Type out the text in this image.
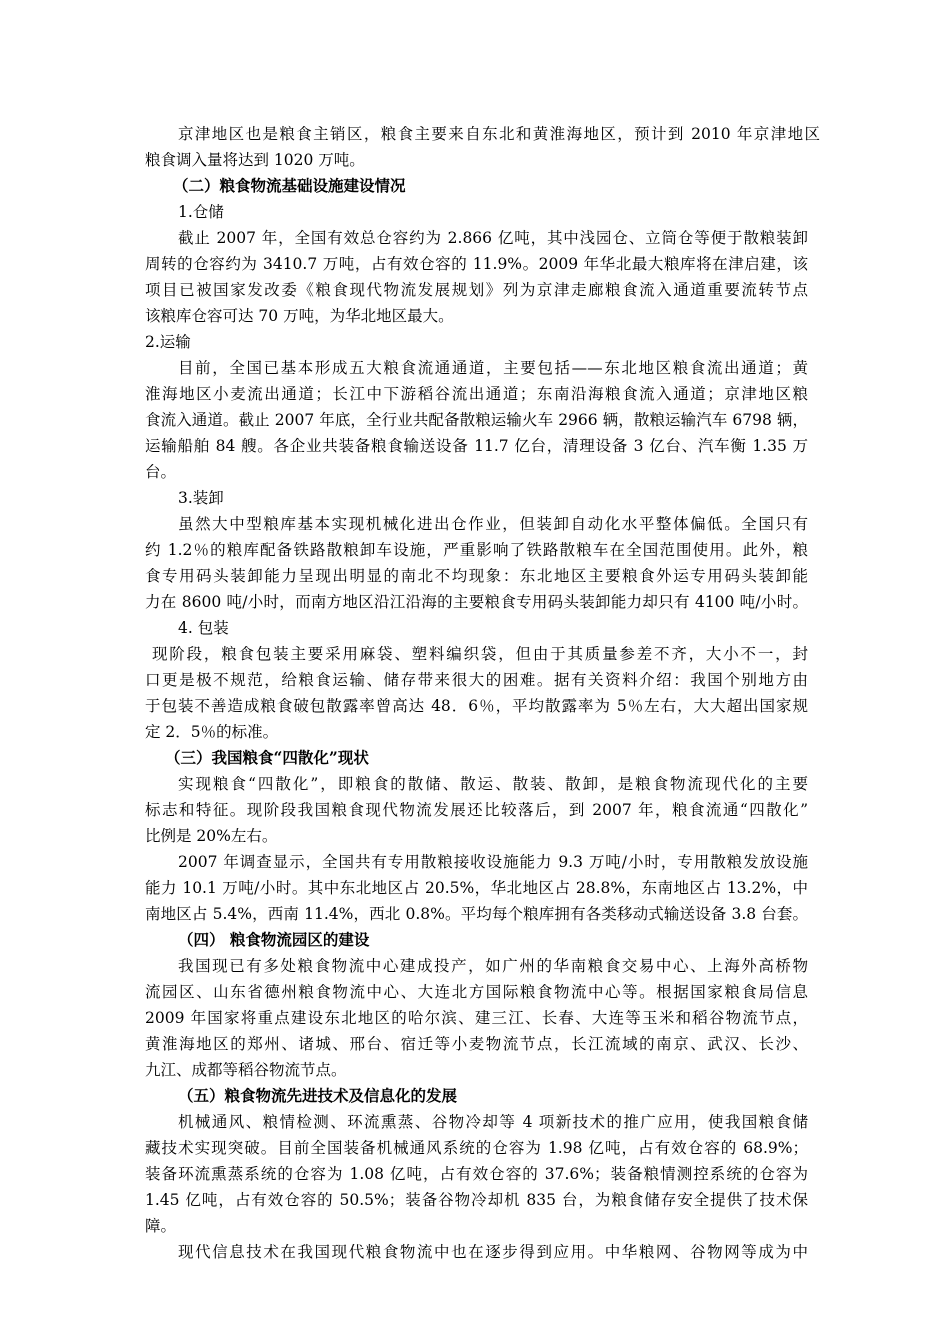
京津地区也是粮食主销区，粮食主要来自东北和黄淮海地区，预计到 2010 年京津地区
粮食调入量将达到 1020 万吨。
（二）粮食物流基础设施建设情况
1.仓储
截止 2007 年，全国有效总仓容约为 2.866 亿吨，其中浅园仓、立筒仓等便于散粮装卸
周转的仓容约为 3410.7 万吨，占有效仓容的 11.9%。2009 年华北最大粮库将在津启建，该
项目已被国家发改委《粮食现代物流发展规划》列为京津走廊粮食流入通道重要流转节点
该粮库仓容可达 70 万吨，为华北地区最大。
2.运输
目前，全国已基本形成五大粮食流通通道，主要包括——东北地区粮食流出通道；黄
淮海地区小麦流出通道；长江中下游稻谷流出通道；东南沿海粮食流入通道；京津地区粮
食流入通道。截止 2007 年底，全行业共配备散粮运输火车 2966 辆，散粮运输汽车 6798 辆，
运输船舶 84 艘。各企业共装备粮食输送设备 11.7 亿台，清理设备 3 亿台、汽车衡 1.35 万
台。
3.装卸
虽然大中型粮库基本实现机械化进出仓作业，但装卸自动化水平整体偏低。全国只有
约 1.2％的粮库配备铁路散粮卸车设施，严重影响了铁路散粮车在全国范围使用。此外，粮
食专用码头装卸能力呈现出明显的南北不均现象：东北地区主要粮食外运专用码头装卸能
力在 8600 吨/小时，而南方地区沿江沿海的主要粮食专用码头装卸能力却只有 4100 吨/小时。
4. 包装
现阶段，粮食包装主要采用麻袋、塑料编织袋，但由于其质量参差不齐，大小不一，封
口更是极不规范，给粮食运输、储存带来很大的困难。据有关资料介绍：我国个别地方由
于包装不善造成粮食破包散露率曾高达 48．6％，平均散露率为 5％左右，大大超出国家规
定 2．5％的标准。
（三）我国粮食“四散化”现状
实现粮食“四散化”，即粮食的散储、散运、散装、散卸，是粮食物流现代化的主要
标志和特征。现阶段我国粮食现代物流发展还比较落后，到 2007 年，粮食流通“四散化”
比例是 20%左右。
2007 年调查显示，全国共有专用散粮接收设施能力 9.3 万吨/小时，专用散粮发放设施
能力 10.1 万吨/小时。其中东北地区占 20.5%，华北地区占 28.8%，东南地区占 13.2%，中
南地区占 5.4%，西南 11.4%，西北 0.8%。平均每个粮库拥有各类移动式输送设备 3.8 台套。
（四） 粮食物流园区的建设
我国现已有多处粮食物流中心建成投产，如广州的华南粮食交易中心、上海外高桥物
流园区、山东省德州粮食物流中心、大连北方国际粮食物流中心等。根据国家粮食局信息
2009 年国家将重点建设东北地区的哈尔滨、建三江、长春、大连等玉米和稻谷物流节点，
黄淮海地区的郑州、诸城、邢台、宿迁等小麦物流节点，长江流域的南京、武汉、长沙、
九江、成都等稻谷物流节点。
（五）粮食物流先进技术及信息化的发展
机械通风、粮情检测、环流熏蒸、谷物冷却等 4 项新技术的推广应用，使我国粮食储
藏技术实现突破。目前全国装备机械通风系统的仓容为 1.98 亿吨，占有效仓容的 68.9%；
装备环流熏蒸系统的仓容为 1.08 亿吨，占有效仓容的 37.6%；装备粮情测控系统的仓容为
1.45 亿吨，占有效仓容的 50.5%；装备谷物冷却机 835 台，为粮食储存安全提供了技术保
障。
现代信息技术在我国现代粮食物流中也在逐步得到应用。中华粮网、谷物网等成为中
